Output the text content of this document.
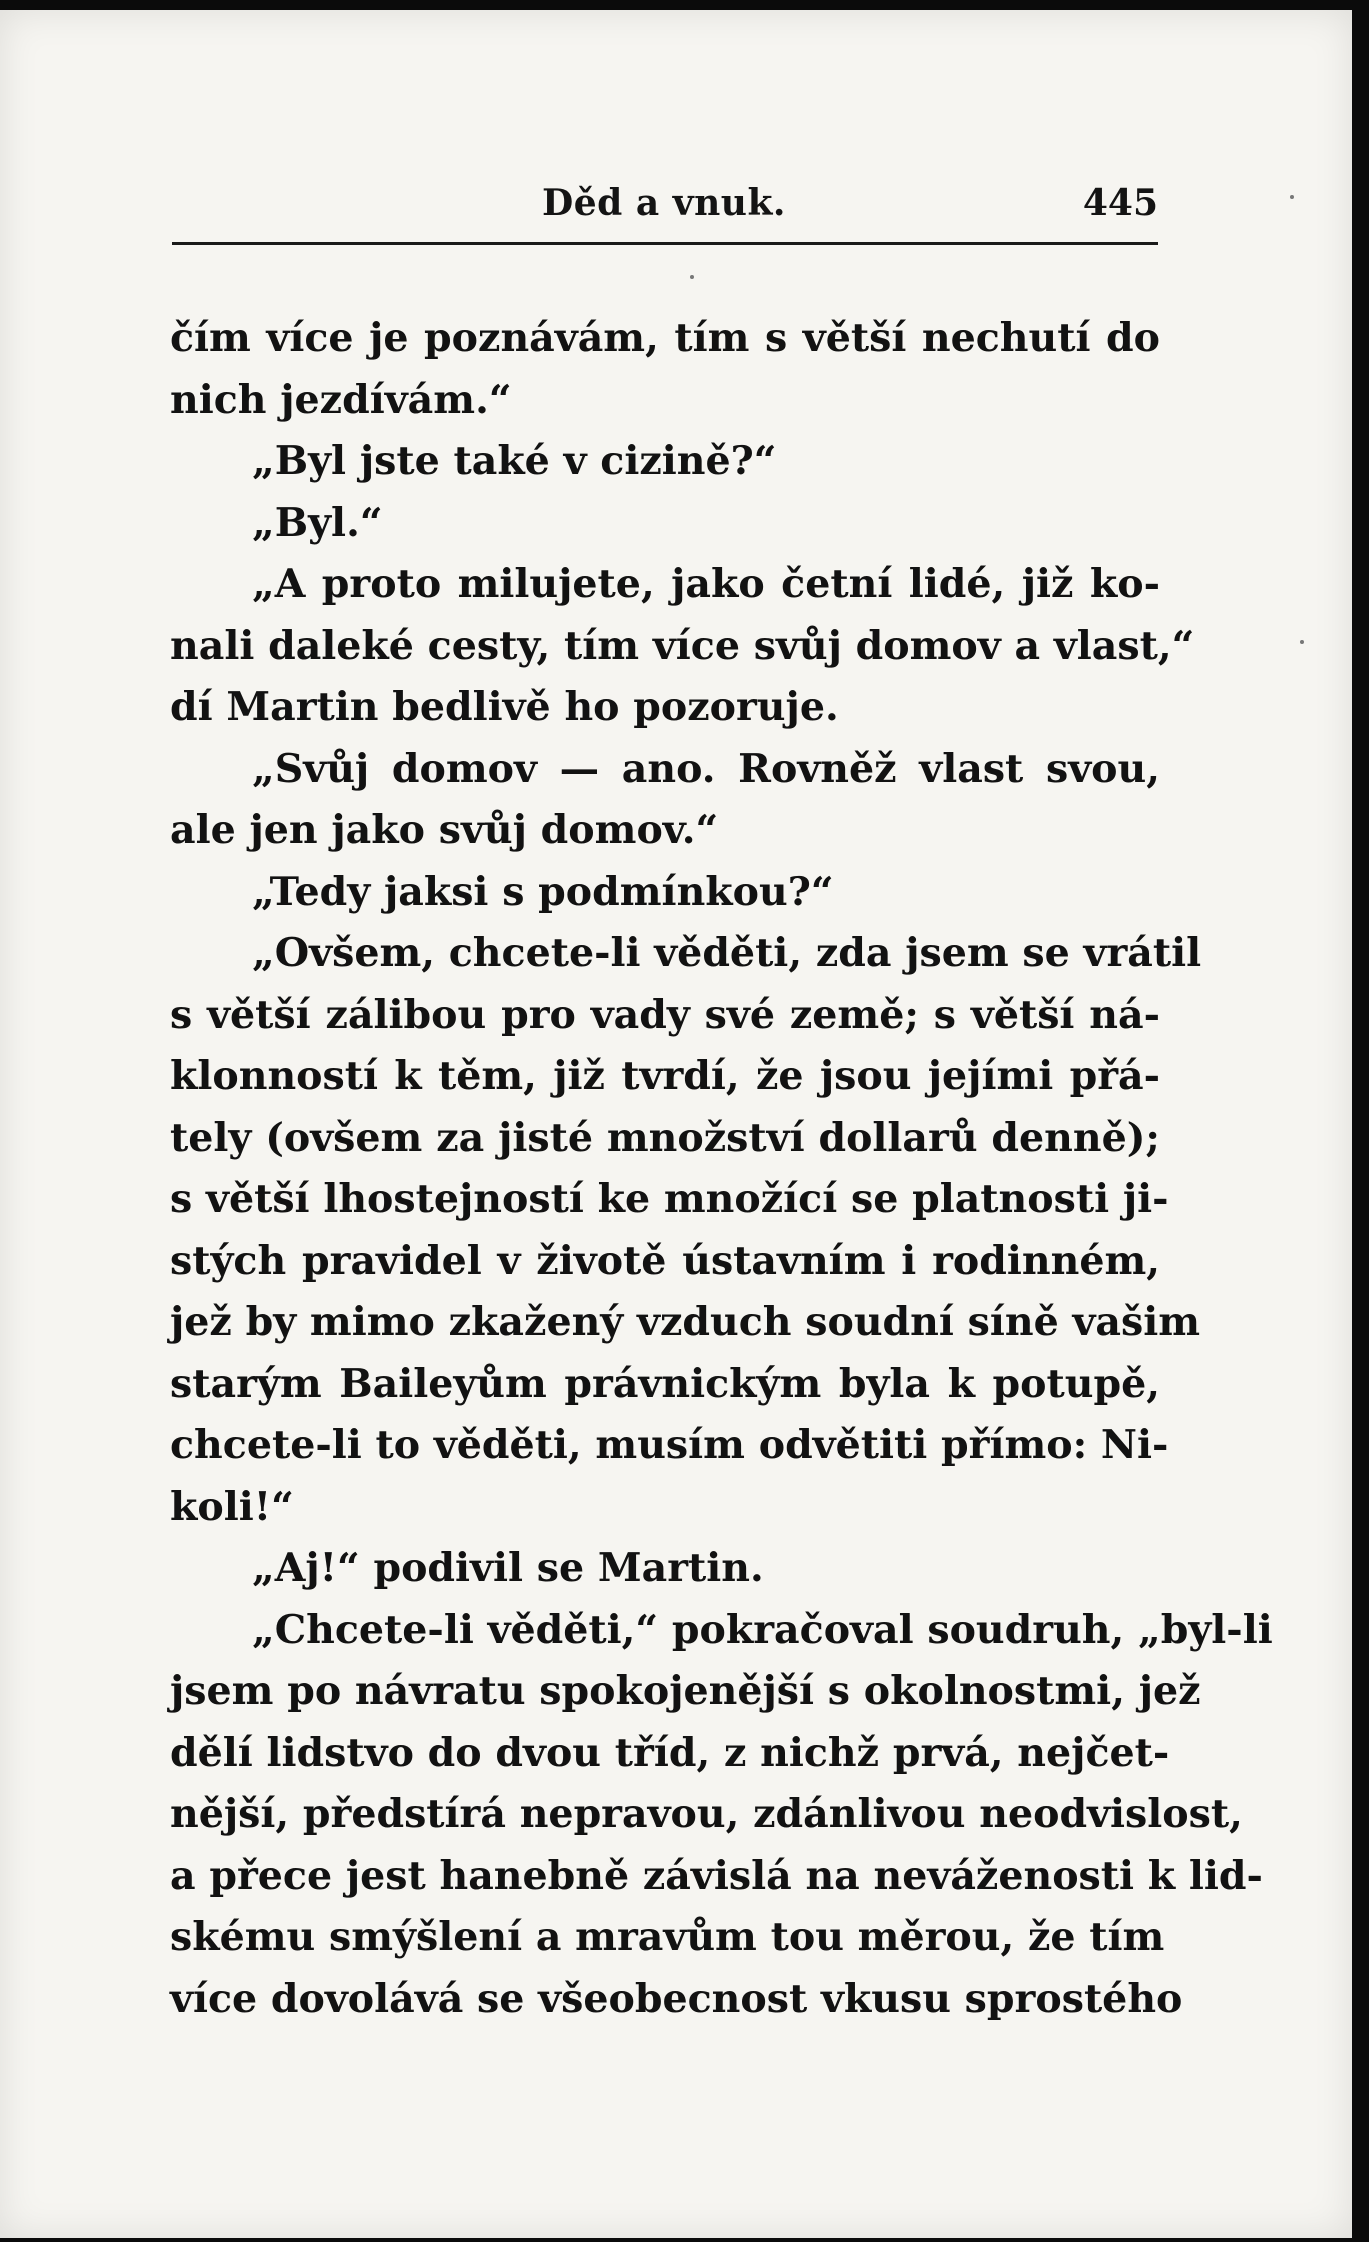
Děd a vnuk.	445
čím více je poznávám, tím s větší nechutí do
nich jezdívám.“
„Byl jste také v cizině?“
„Byl.“
„A proto milujete, jako četní lidé, již ko-
nali daleké cesty, tím více svůj domov a vlast,“
dí Martin bedlivě ho pozoruje.
„Svůj domov — ano. Rovněž vlast svou,
ale jen jako svůj domov.“
„Tedy jaksi s podmínkou?“
„Ovšem, chcete-li věděti, zda jsem se vrátil
s větší zálibou pro vady své země; s větší ná-
klonností k těm, již tvrdí, že jsou jejími přá-
tely (ovšem za jisté množství dollarů denně);
s větší lhostejností ke množící se platnosti ji-
stých pravidel v životě ústavním i rodinném,
jež by mimo zkažený vzduch soudní síně vašim
starým Baileyům právnickým byla k potupě,
chcete-li to věděti, musím odvětiti přímo: Ni-
koli!“
„Aj!“ podivil se Martin.
„Chcete-li věděti,“ pokračoval soudruh, „byl-li
jsem po návratu spokojenější s okolnostmi, jež
dělí lidstvo do dvou tříd, z nichž prvá, nejčet-
nější, předstírá nepravou, zdánlivou neodvislost,
a přece jest hanebně závislá na neváženosti k lid-
skému smýšlení a mravům tou měrou, že tím
více dovolává se všeobecnost vkusu sprostého
